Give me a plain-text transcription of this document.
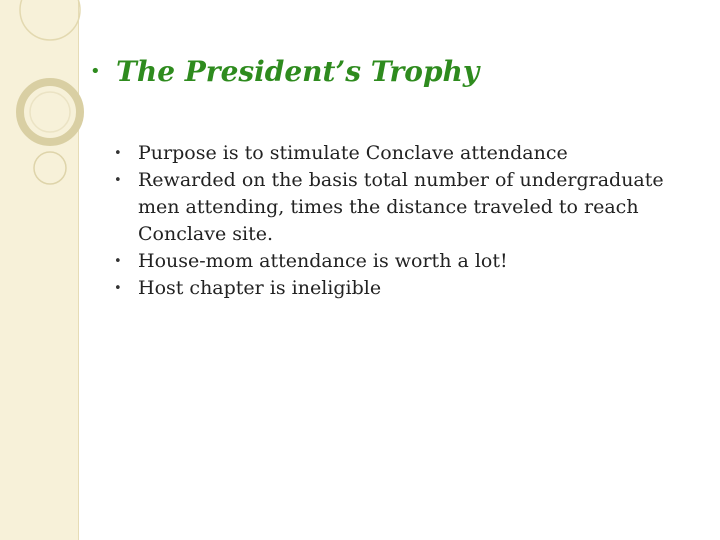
• The President’s Trophy
• Purpose is to stimulate Conclave attendance
• Rewarded on the basis total number of undergraduate men attending, times the distance traveled to reach Conclave site.
• House-mom attendance is worth a lot!
• Host chapter is ineligible
